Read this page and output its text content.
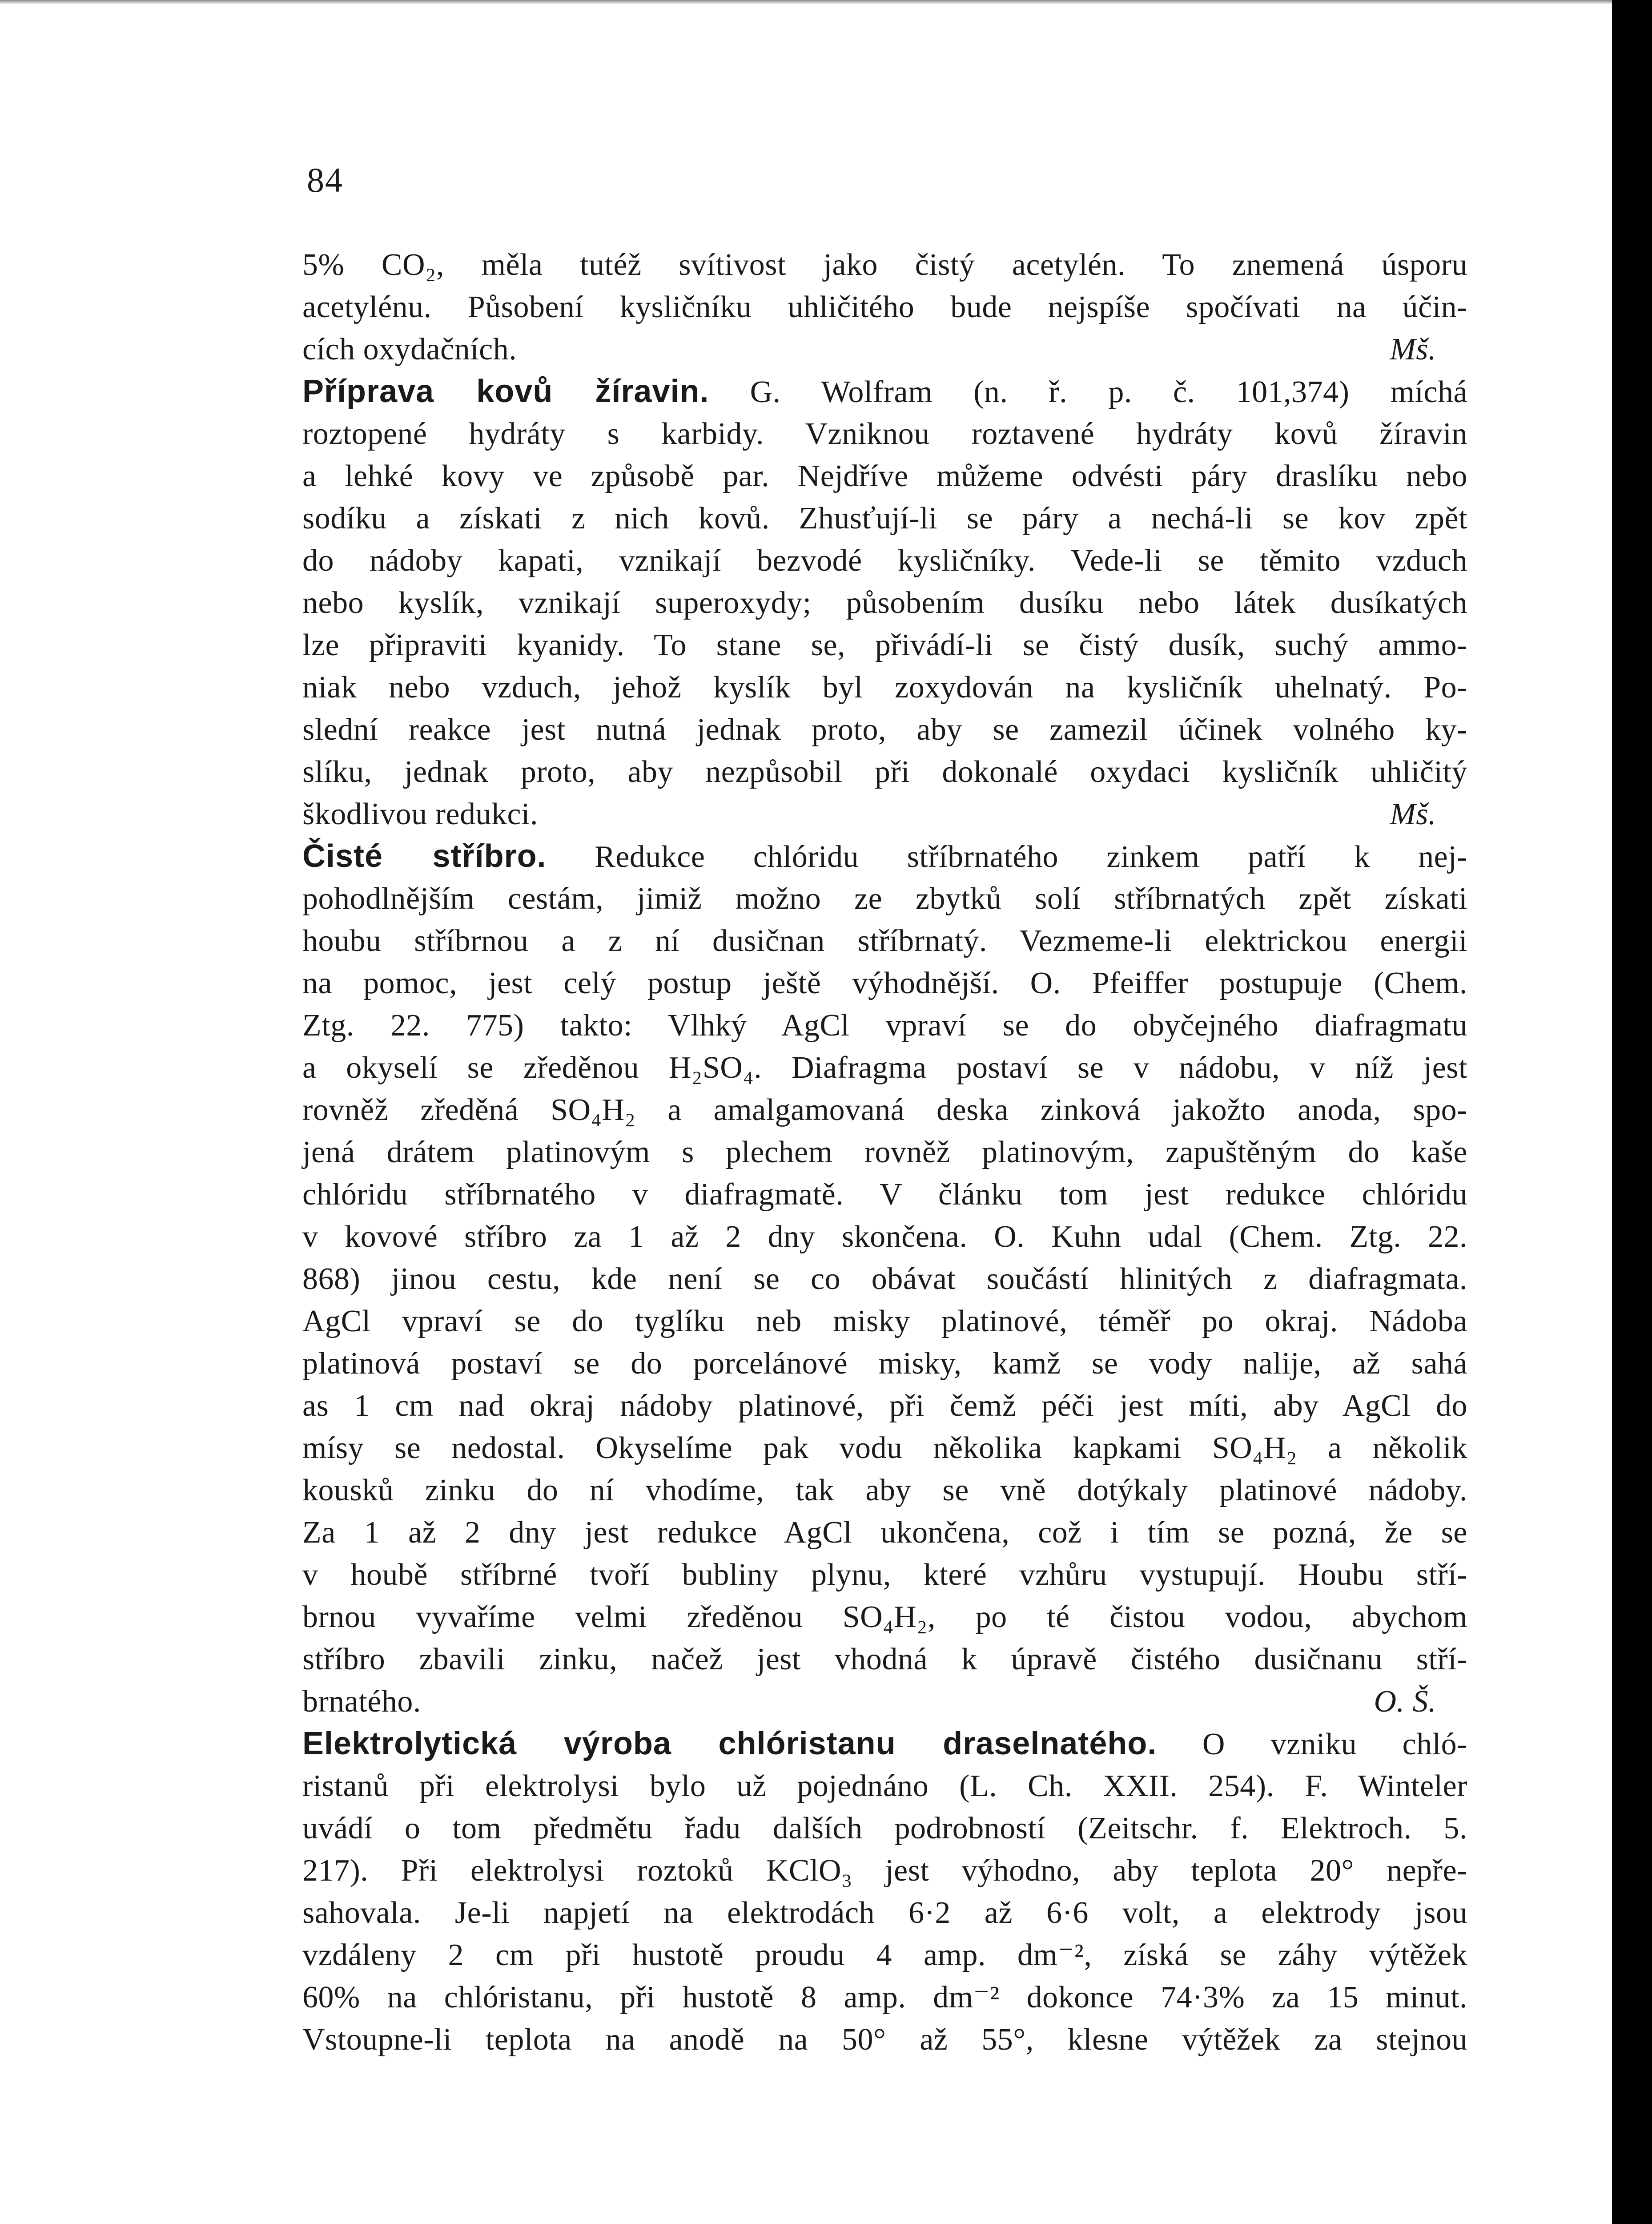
84
5% CO₂, měla tutéž svítivost jako čistý acetylén. To znemená úsporu
acetylénu. Působení kysličníku uhličitého bude nejspíše spočívati na účin-
cích oxydačních.	Mš.
Příprava kovů žíravin. G. Wolfram (n. ř. p. č. 101,374) míchá
roztopené hydráty s karbidy. Vzniknou roztavené hydráty kovů žíravin
a lehké kovy ve způsobě par. Nejdříve můžeme odvésti páry draslíku nebo
sodíku a získati z nich kovů. Zhusťují-li se páry a nechá-li se kov zpět
do nádoby kapati, vznikají bezvodé kysličníky. Vede-li se těmito vzduch
nebo kyslík, vznikají superoxydy; působením dusíku nebo látek dusíkatých
lze připraviti kyanidy. To stane se, přivádí-li se čistý dusík, suchý ammo-
niak nebo vzduch, jehož kyslík byl zoxydován na kysličník uhelnatý. Po-
slední reakce jest nutná jednak proto, aby se zamezil účinek volného ky-
slíku, jednak proto, aby nezpůsobil při dokonalé oxydaci kysličník uhličitý
škodlivou redukci.	Mš.
Čisté stříbro. Redukce chlóridu stříbrnatého zinkem patří k nej-
pohodlnějším cestám, jimiž možno ze zbytků solí stříbrnatých zpět získati
houbu stříbrnou a z ní dusičnan stříbrnatý. Vezmeme-li elektrickou energii
na pomoc, jest celý postup ještě výhodnější. O. Pfeiffer postupuje (Chem.
Ztg. 22. 775) takto: Vlhký AgCl vpraví se do obyčejného diafragmatu
a okyselí se zředěnou H₂SO₄. Diafragma postaví se v nádobu, v níž jest
rovněž zředěná SO₄H₂ a amalgamovaná deska zinková jakožto anoda, spo-
jená drátem platinovým s plechem rovněž platinovým, zapuštěným do kaše
chlóridu stříbrnatého v diafragmatě. V článku tom jest redukce chlóridu
v kovové stříbro za 1 až 2 dny skončena. O. Kuhn udal (Chem. Ztg. 22.
868) jinou cestu, kde není se co obávat součástí hlinitých z diafragmata.
AgCl vpraví se do tyglíku neb misky platinové, téměř po okraj. Nádoba
platinová postaví se do porcelánové misky, kamž se vody nalije, až sahá
as 1 cm nad okraj nádoby platinové, při čemž péči jest míti, aby AgCl do
mísy se nedostal. Okyselíme pak vodu několika kapkami SO₄H₂ a několik
kousků zinku do ní vhodíme, tak aby se vně dotýkaly platinové nádoby.
Za 1 až 2 dny jest redukce AgCl ukončena, což i tím se pozná, že se
v houbě stříbrné tvoří bubliny plynu, které vzhůru vystupují. Houbu stří-
brnou vyvaříme velmi zředěnou SO₄H₂, po té čistou vodou, abychom
stříbro zbavili zinku, načež jest vhodná k úpravě čistého dusičnanu stří-
brnatého.	O. Š.
Elektrolytická výroba chlóristanu draselnatého. O vzniku chló-
ristanů při elektrolysi bylo už pojednáno (L. Ch. XXII. 254). F. Winteler
uvádí o tom předmětu řadu dalších podrobností (Zeitschr. f. Elektroch. 5.
217). Při elektrolysi roztoků KClO₃ jest výhodno, aby teplota 20° nepře-
sahovala. Je-li napjetí na elektrodách 6·2 až 6·6 volt, a elektrody jsou
vzdáleny 2 cm při hustotě proudu 4 amp. dm⁻², získá se záhy výtěžek
60% na chlóristanu, při hustotě 8 amp. dm⁻² dokonce 74·3% za 15 minut.
Vstoupne-li teplota na anodě na 50° až 55°, klesne výtěžek za stejnou
